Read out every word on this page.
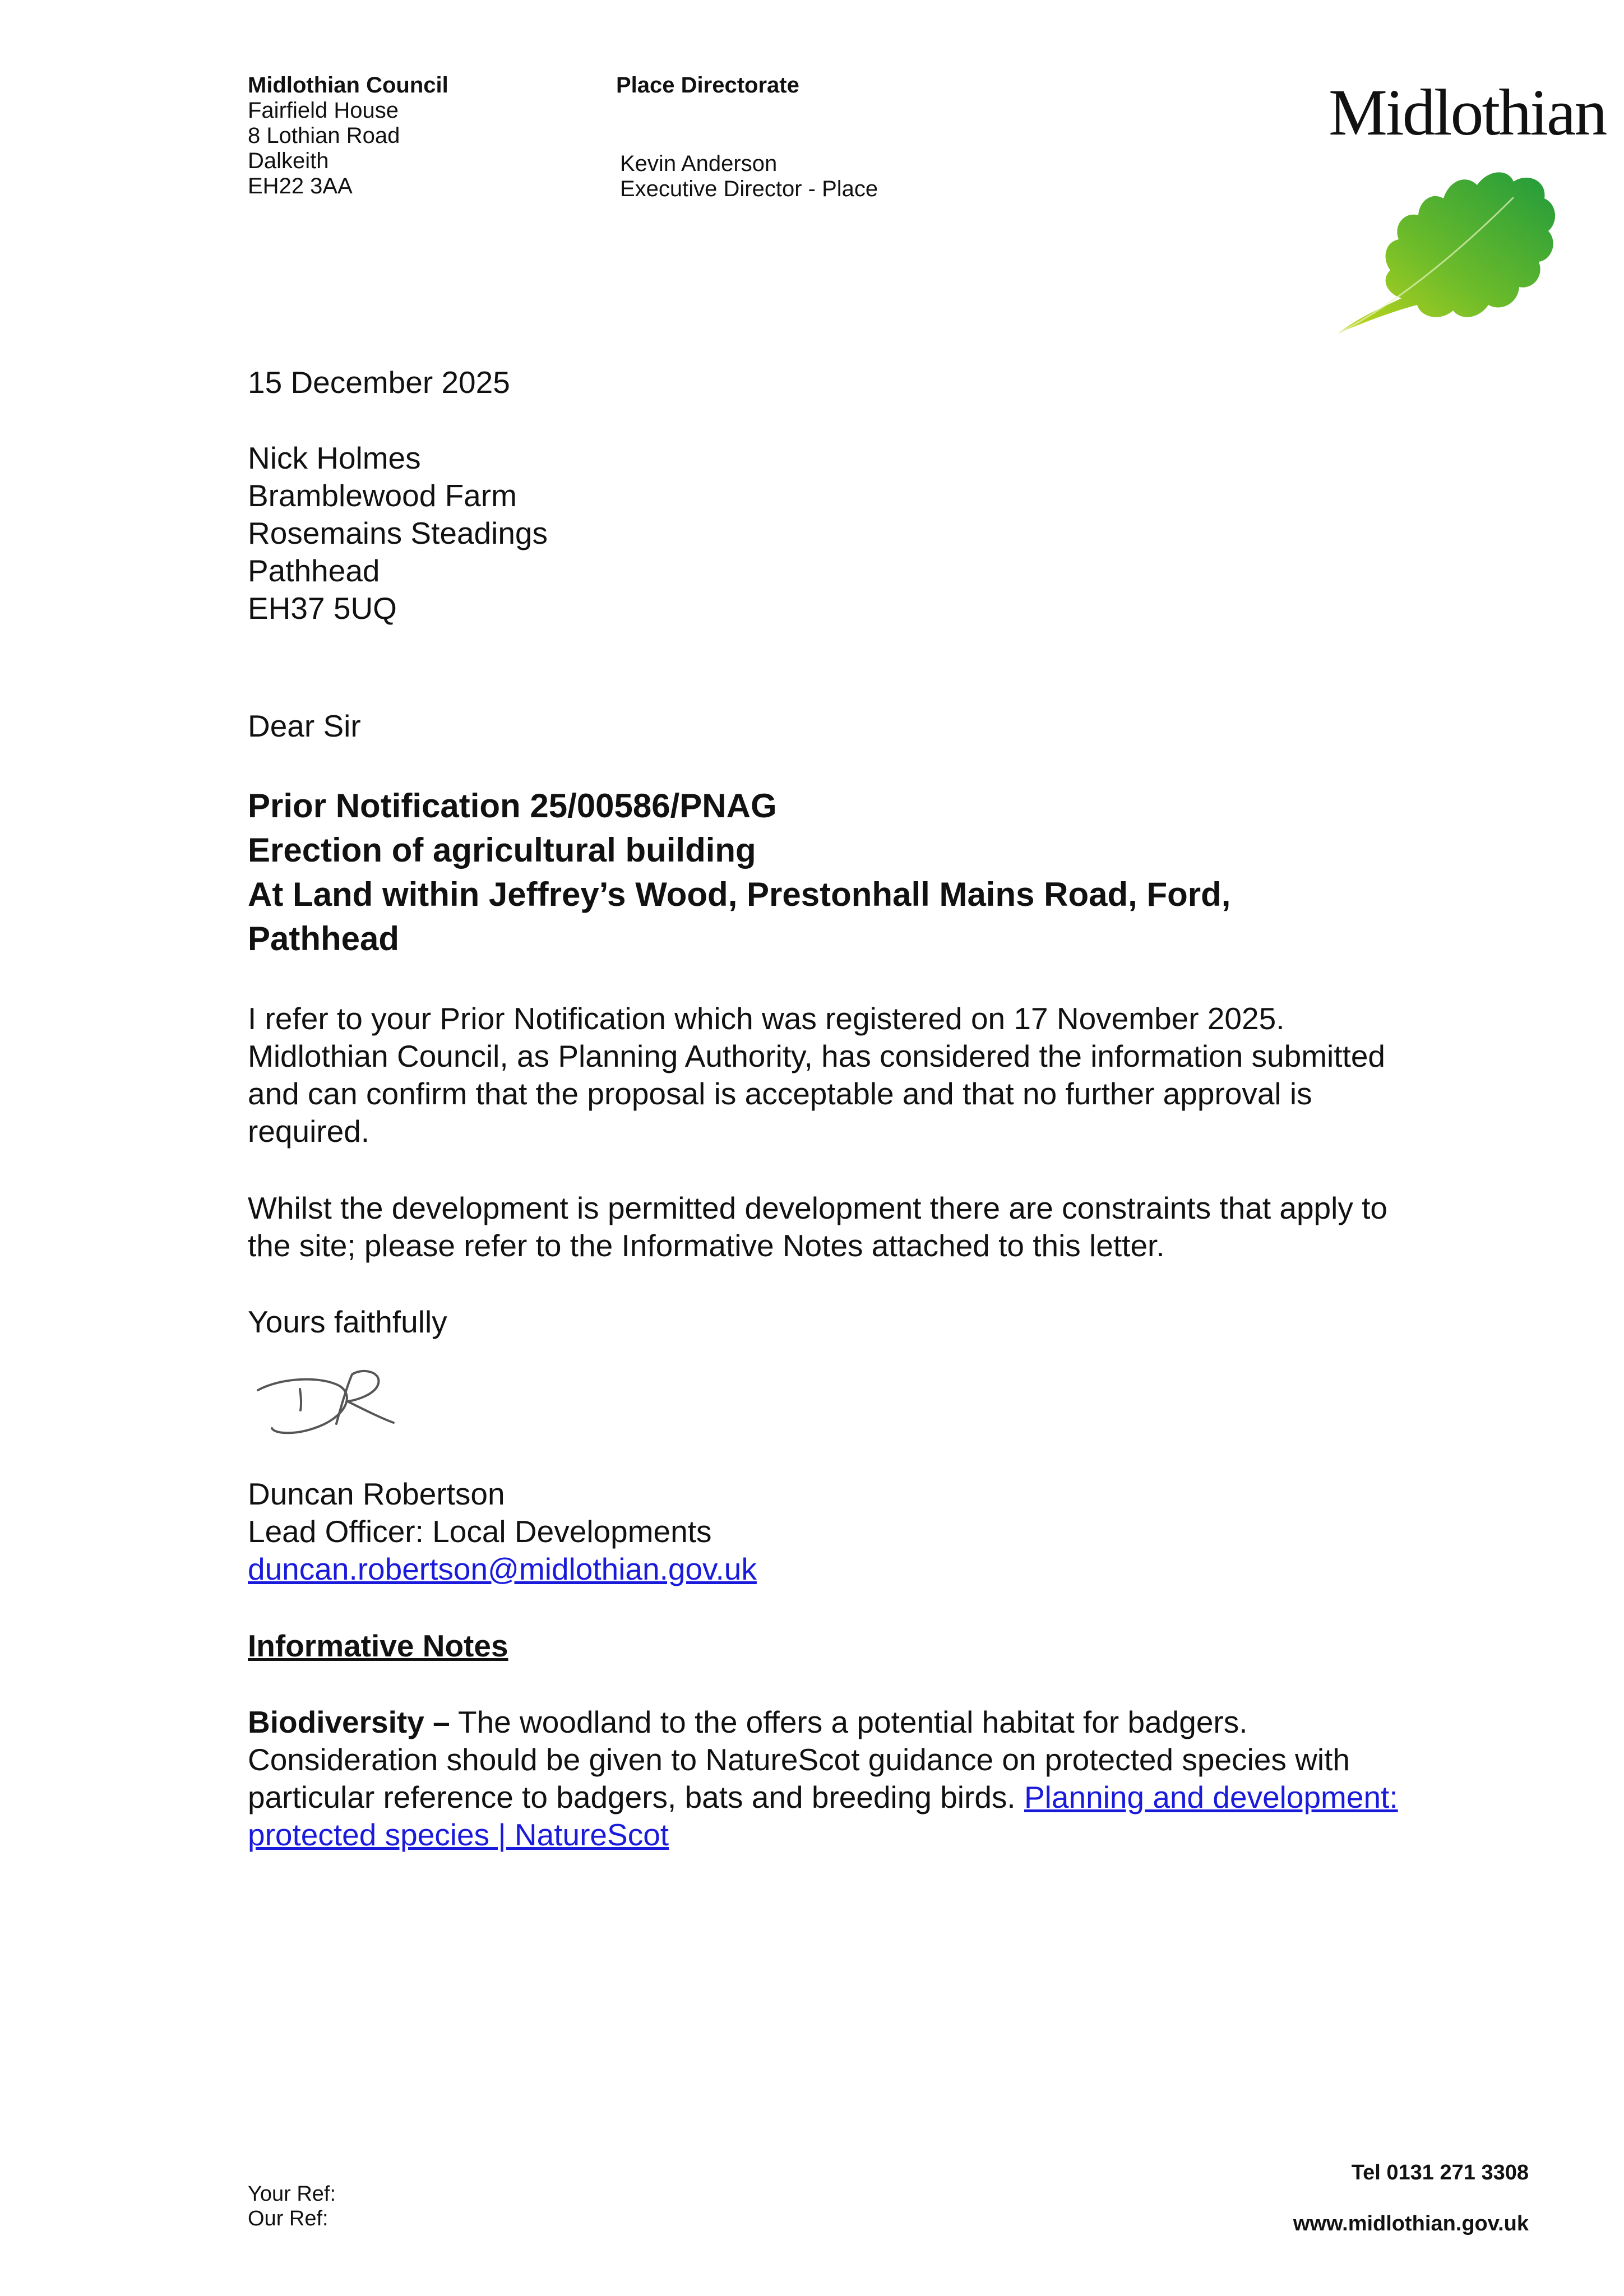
Midlothian Council
Fairfield House
8 Lothian Road
Dalkeith
EH22 3AA
Place Directorate
Kevin Anderson
Executive Director - Place
Midlothian
15 December 2025
Nick Holmes
Bramblewood Farm
Rosemains Steadings
Pathhead
EH37 5UQ
Dear Sir
Prior Notification 25/00586/PNAG
Erection of agricultural building
At Land within Jeffrey’s Wood, Prestonhall Mains Road, Ford,
Pathhead
I refer to your Prior Notification which was registered on 17 November 2025.
Midlothian Council, as Planning Authority, has considered the information submitted
and can confirm that the proposal is acceptable and that no further approval is
required.
Whilst the development is permitted development there are constraints that apply to
the site; please refer to the Informative Notes attached to this letter.
Yours faithfully
Duncan Robertson
Lead Officer: Local Developments
duncan.robertson@midlothian.gov.uk
Informative Notes
Biodiversity – The woodland to the offers a potential habitat for badgers.
Consideration should be given to NatureScot guidance on protected species with
particular reference to badgers, bats and breeding birds. Planning and development:
protected species | NatureScot
Your Ref:
Our Ref:
Tel 0131 271 3308
www.midlothian.gov.uk
